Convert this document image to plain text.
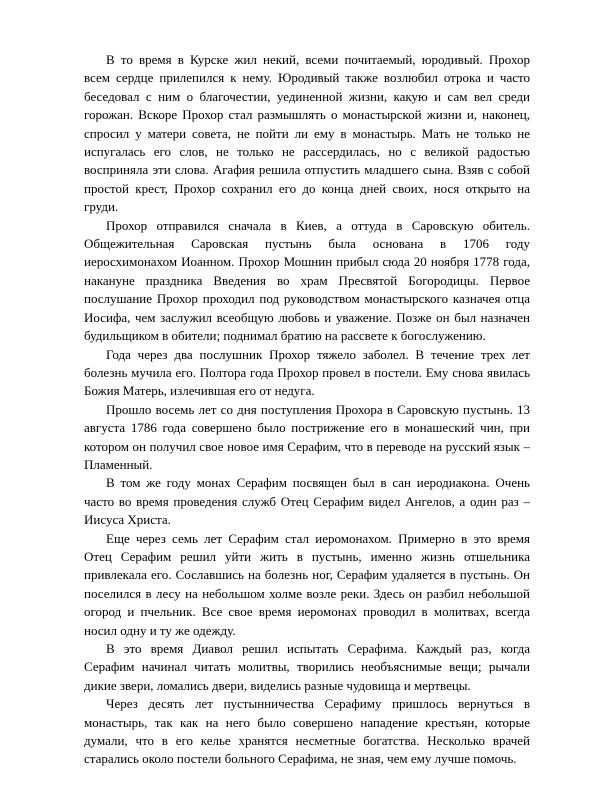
В то время в Курске жил некий, всеми почитаемый, юродивый. Прохор всем сердце прилепился к нему. Юродивый также возлюбил отрока и часто беседовал с ним о благочестии, уединенной жизни, какую и сам вел среди горожан. Вскоре Прохор стал размышлять о монастырской жизни и, наконец, спросил у матери совета, не пойти ли ему в монастырь. Мать не только не испугалась его слов, не только не рассердилась, но с великой радостью восприняла эти слова. Агафия решила отпустить младшего сына. Взяв с собой простой крест, Прохор сохранил его до конца дней своих, нося открыто на груди.

Прохор отправился сначала в Киев, а оттуда в Саровскую обитель. Общежительная Саровская пустынь была основана в 1706 году иеросхимонахом Иоанном. Прохор Мошнин прибыл сюда 20 ноября 1778 года, накануне праздника Введения во храм Пресвятой Богородицы. Первое послушание Прохор проходил под руководством монастырского казначея отца Иосифа, чем заслужил всеобщую любовь и уважение. Позже он был назначен будильщиком в обители; поднимал братию на рассвете к богослужению.

Года через два послушник Прохор тяжело заболел. В течение трех лет болезнь мучила его. Полтора года Прохор провел в постели. Ему снова явилась Божия Матерь, излечившая его от недуга.

Прошло восемь лет со дня поступления Прохора в Саровскую пустынь. 13 августа 1786 года совершено было пострижение его в монашеский чин, при котором он получил свое новое имя Серафим, что в переводе на русский язык – Пламенный.

В том же году монах Серафим посвящен был в сан иеродиакона. Очень часто во время проведения служб Отец Серафим видел Ангелов, а один раз – Иисуса Христа.

Еще через семь лет Серафим стал иеромонахом. Примерно в это время Отец Серафим решил уйти жить в пустынь, именно жизнь отшельника привлекала его. Сославшись на болезнь ног, Серафим удаляется в пустынь. Он поселился в лесу на небольшом холме возле реки. Здесь он разбил небольшой огород и пчельник. Все свое время иеромонах проводил в молитвах, всегда носил одну и ту же одежду.

В это время Диавол решил испытать Серафима. Каждый раз, когда Серафим начинал читать молитвы, творились необъяснимые вещи; рычали дикие звери, ломались двери, виделись разные чудовища и мертвецы.

Через десять лет пустынничества Серафиму пришлось вернуться в монастырь, так как на него было совершено нападение крестьян, которые думали, что в его келье хранятся несметные богатства. Несколько врачей старались около постели больного Серафима, не зная, чем ему лучше помочь.
